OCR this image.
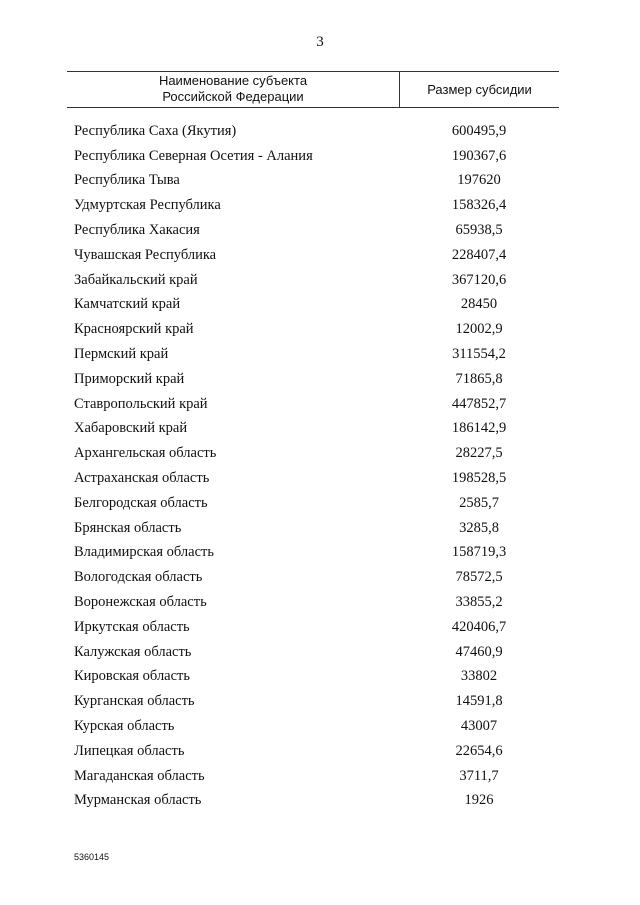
3
Наименование субъекта
Российской Федерации	Размер субсидии
Республика Саха (Якутия)	600495,9
Республика Северная Осетия - Алания	190367,6
Республика Тыва	197620
Удмуртская Республика	158326,4
Республика Хакасия	65938,5
Чувашская Республика	228407,4
Забайкальский край	367120,6
Камчатский край	28450
Красноярский край	12002,9
Пермский край	311554,2
Приморский край	71865,8
Ставропольский край	447852,7
Хабаровский край	186142,9
Архангельская область	28227,5
Астраханская область	198528,5
Белгородская область	2585,7
Брянская область	3285,8
Владимирская область	158719,3
Вологодская область	78572,5
Воронежская область	33855,2
Иркутская область	420406,7
Калужская область	47460,9
Кировская область	33802
Курганская область	14591,8
Курская область	43007
Липецкая область	22654,6
Магаданская область	3711,7
Мурманская область	1926
5360145
